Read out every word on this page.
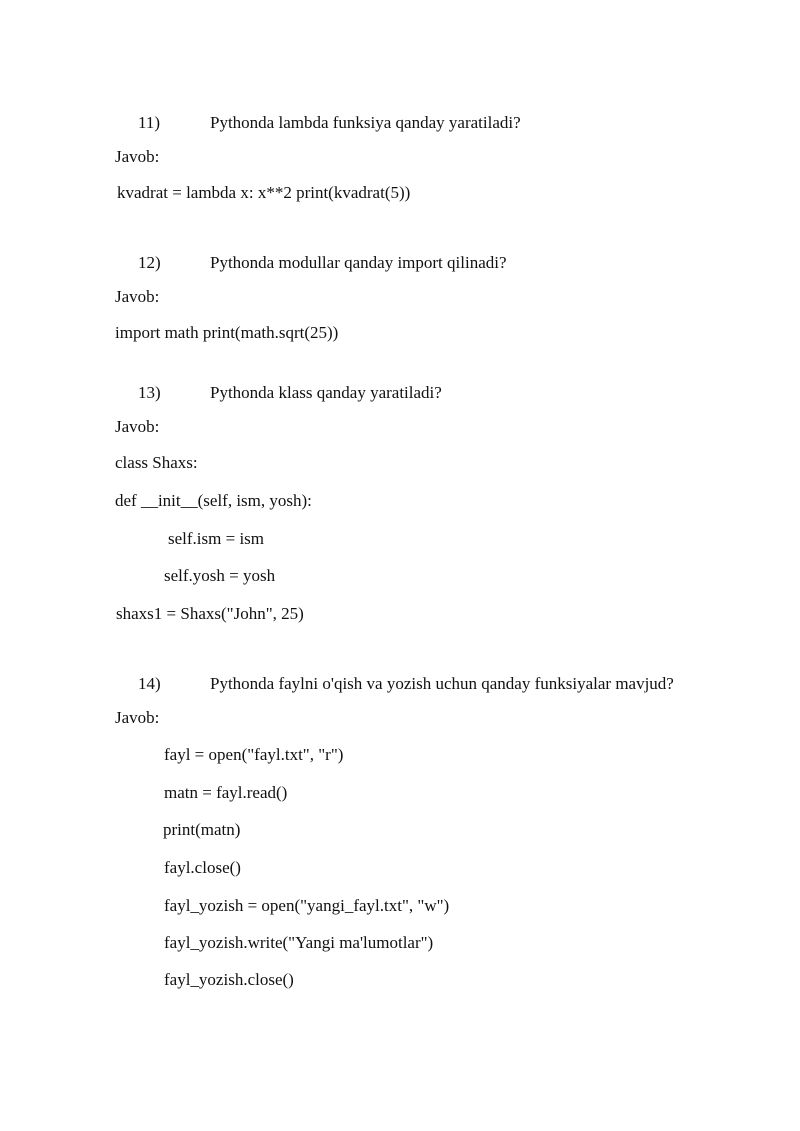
11)	Pythonda lambda funksiya qanday yaratiladi?
Javob:
kvadrat = lambda x: x**2 print(kvadrat(5))
12)	Pythonda modullar qanday import qilinadi?
Javob:
import math print(math.sqrt(25))
13)	Pythonda klass qanday yaratiladi?
Javob:
class Shaxs:
def __init__(self, ism, yosh):
self.ism = ism
self.yosh = yosh
shaxs1 = Shaxs("John", 25)
14)	Pythonda faylni o'qish va yozish uchun qanday funksiyalar mavjud?
Javob:
fayl = open("fayl.txt", "r")
matn = fayl.read()
print(matn)
fayl.close()
fayl_yozish = open("yangi_fayl.txt", "w")
fayl_yozish.write("Yangi ma'lumotlar")
fayl_yozish.close()
